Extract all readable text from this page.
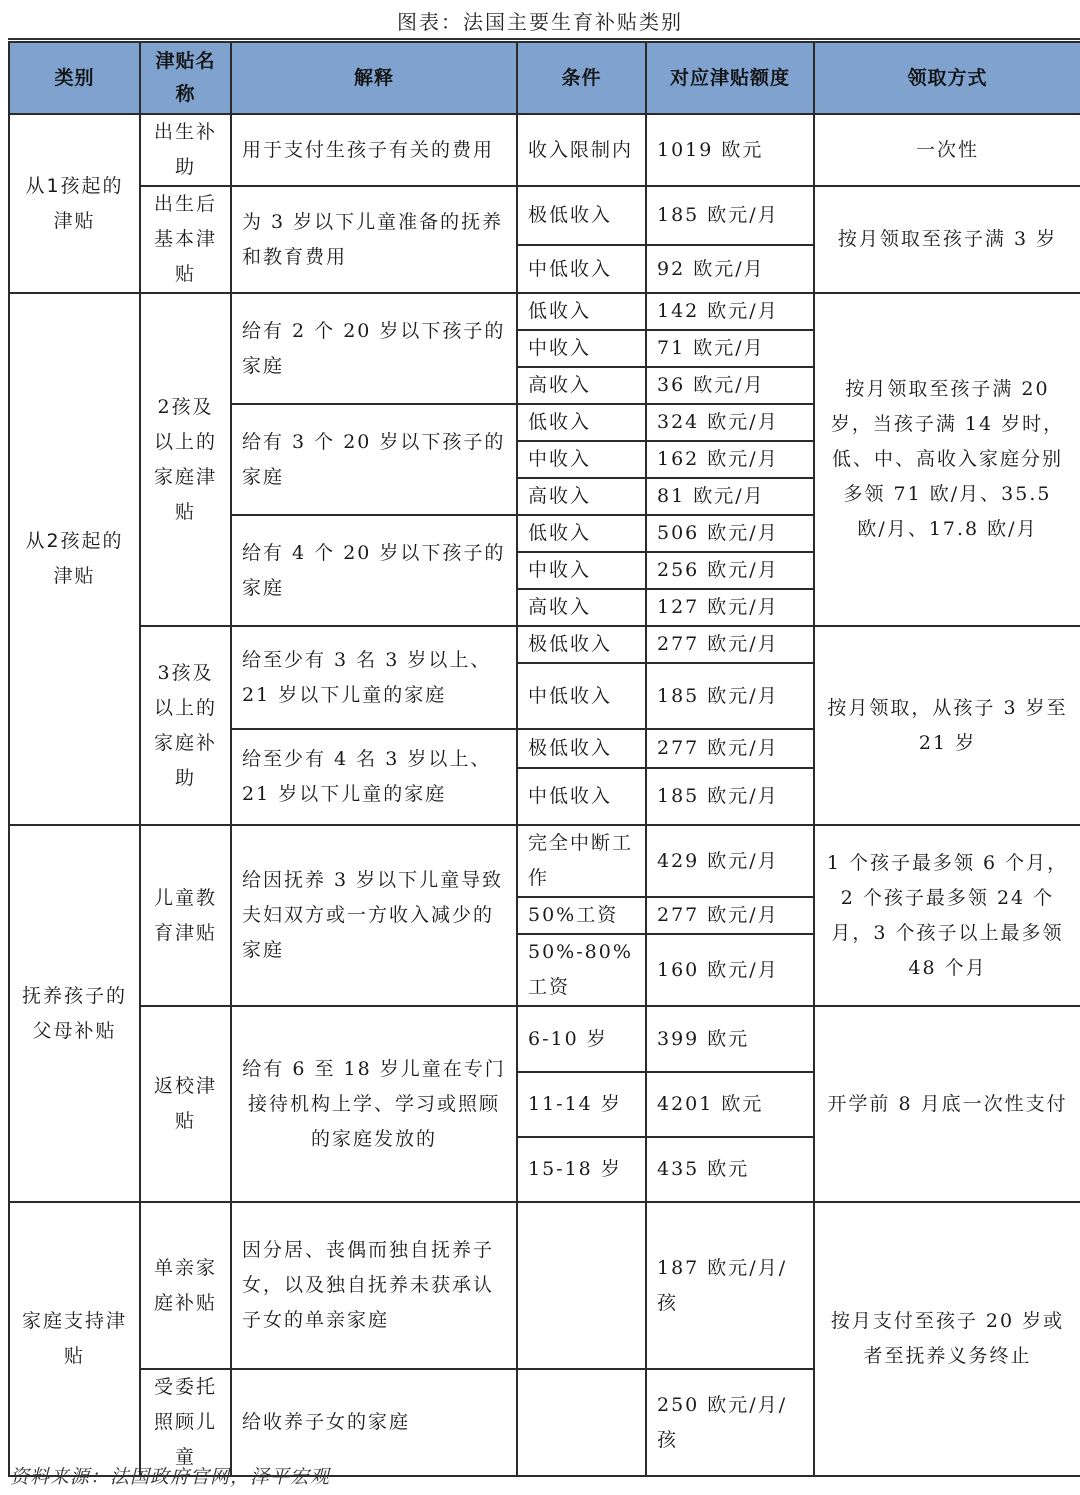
图表：法国主要生育补贴类别
类别	津贴名称	解释	条件	对应津贴额度	领取方式
从1孩起的津贴	出生补助	用于支付生孩子有关的费用	收入限制内	1019 欧元	一次性
	出生后基本津贴	为 3 岁以下儿童准备的抚养和教育费用	极低收入	185 欧元/月	按月领取至孩子满 3 岁
			中低收入	92 欧元/月	
从2孩起的津贴	2孩及以上的家庭津贴	给有 2 个 20 岁以下孩子的家庭	低收入	142 欧元/月	按月领取至孩子满 20 岁，当孩子满 14 岁时，低、中、高收入家庭分别多领 71 欧/月、35.5 欧/月、17.8 欧/月
			中收入	71 欧元/月	
			高收入	36 欧元/月	
		给有 3 个 20 岁以下孩子的家庭	低收入	324 欧元/月	
			中收入	162 欧元/月	
			高收入	81 欧元/月	
		给有 4 个 20 岁以下孩子的家庭	低收入	506 欧元/月	
			中收入	256 欧元/月	
			高收入	127 欧元/月	
	3孩及以上的家庭补助	给至少有 3 名 3 岁以上、21 岁以下儿童的家庭	极低收入	277 欧元/月	按月领取，从孩子 3 岁至 21 岁
			中低收入	185 欧元/月	
		给至少有 4 名 3 岁以上、21 岁以下儿童的家庭	极低收入	277 欧元/月	
			中低收入	185 欧元/月	
抚养孩子的父母补贴	儿童教育津贴	给因抚养 3 岁以下儿童导致夫妇双方或一方收入减少的家庭	完全中断工作	429 欧元/月	1 个孩子最多领 6 个月，2 个孩子最多领 24 个月，3 个孩子以上最多领 48 个月
			50%工资	277 欧元/月	
			50%-80% 工资	160 欧元/月	
	返校津贴	给有 6 至 18 岁儿童在专门接待机构上学、学习或照顾的家庭发放的	6-10 岁	399 欧元	开学前 8 月底一次性支付
			11-14 岁	4201 欧元	
			15-18 岁	435 欧元	
家庭支持津贴	单亲家庭补贴	因分居、丧偶而独自抚养子女，以及独自抚养未获承认子女的单亲家庭		187 欧元/月/孩	按月支付至孩子 20 岁或者至抚养义务终止
	受委托照顾儿童	给收养子女的家庭		250 欧元/月/孩	
资料来源：法国政府官网，泽平宏观
